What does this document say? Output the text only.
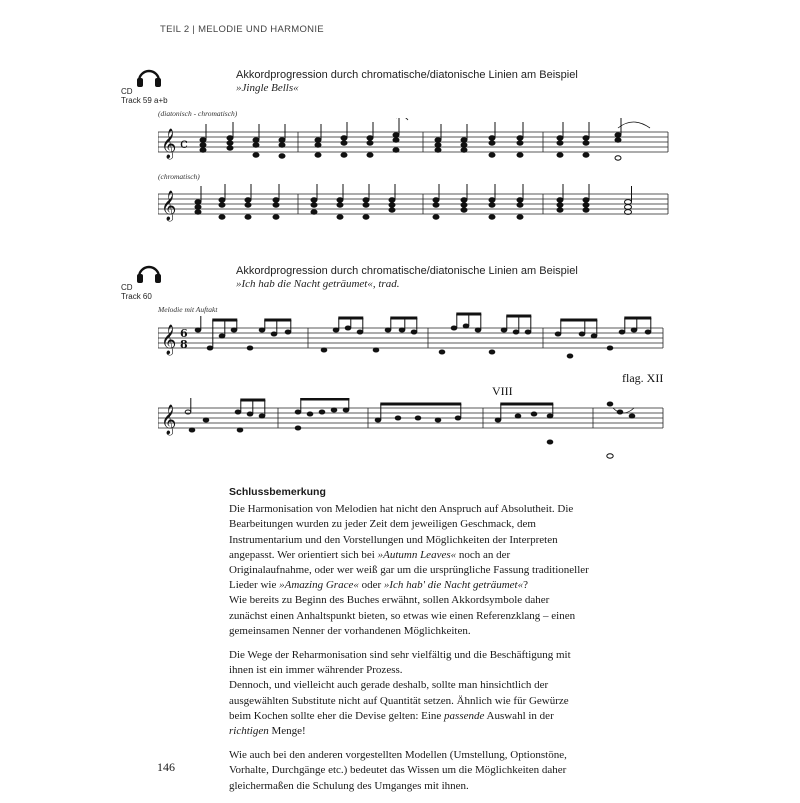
TEIL 2 | MELODIE UND HARMONIE
CD
Track 59 a+b
Akkordprogression durch chromatische/diatonische Linien am Beispiel
»Jingle Bells«
(diatonisch - chromatisch)
(chromatisch)
𝄞 c
𝄞
CD
Track 60
Akkordprogression durch chromatische/diatonische Linien am Beispiel
»Ich hab die Nacht geträumet«, trad.
Melodie mit Auftakt
𝄞 6
8
𝄞
VIII
flag. XII
Schlussbemerkung

Die Harmonisation von Melodien hat nicht den Anspruch auf Absolutheit. Die Bearbeitungen wurden zu jeder Zeit dem jeweiligen Geschmack, dem Instrumentarium und den Vorstellungen und Möglichkeiten der Interpreten angepasst. Wer orientiert sich bei »Autumn Leaves« noch an der Originalaufnahme, oder wer weiß gar um die ursprüngliche Fassung traditioneller Lieder wie »Amazing Grace« oder »Ich hab' die Nacht geträumet«?
Wie bereits zu Beginn des Buches erwähnt, sollen Akkordsymbole daher zunächst einen Anhaltspunkt bieten, so etwas wie einen Referenzklang – einen gemeinsamen Nenner der vorhandenen Möglichkeiten.

Die Wege der Reharmonisation sind sehr vielfältig und die Beschäftigung mit ihnen ist ein immer währender Prozess.
Dennoch, und vielleicht auch gerade deshalb, sollte man hinsichtlich der ausgewählten Substitute nicht auf Quantität setzen. Ähnlich wie für Gewürze beim Kochen sollte eher die Devise gelten: Eine passende Auswahl in der richtigen Menge!

Wie auch bei den anderen vorgestellten Modellen (Umstellung, Optionstöne, Vorhalte, Durchgänge etc.) bedeutet das Wissen um die Möglichkeiten daher gleichermaßen die Schulung des Umganges mit ihnen.

146
